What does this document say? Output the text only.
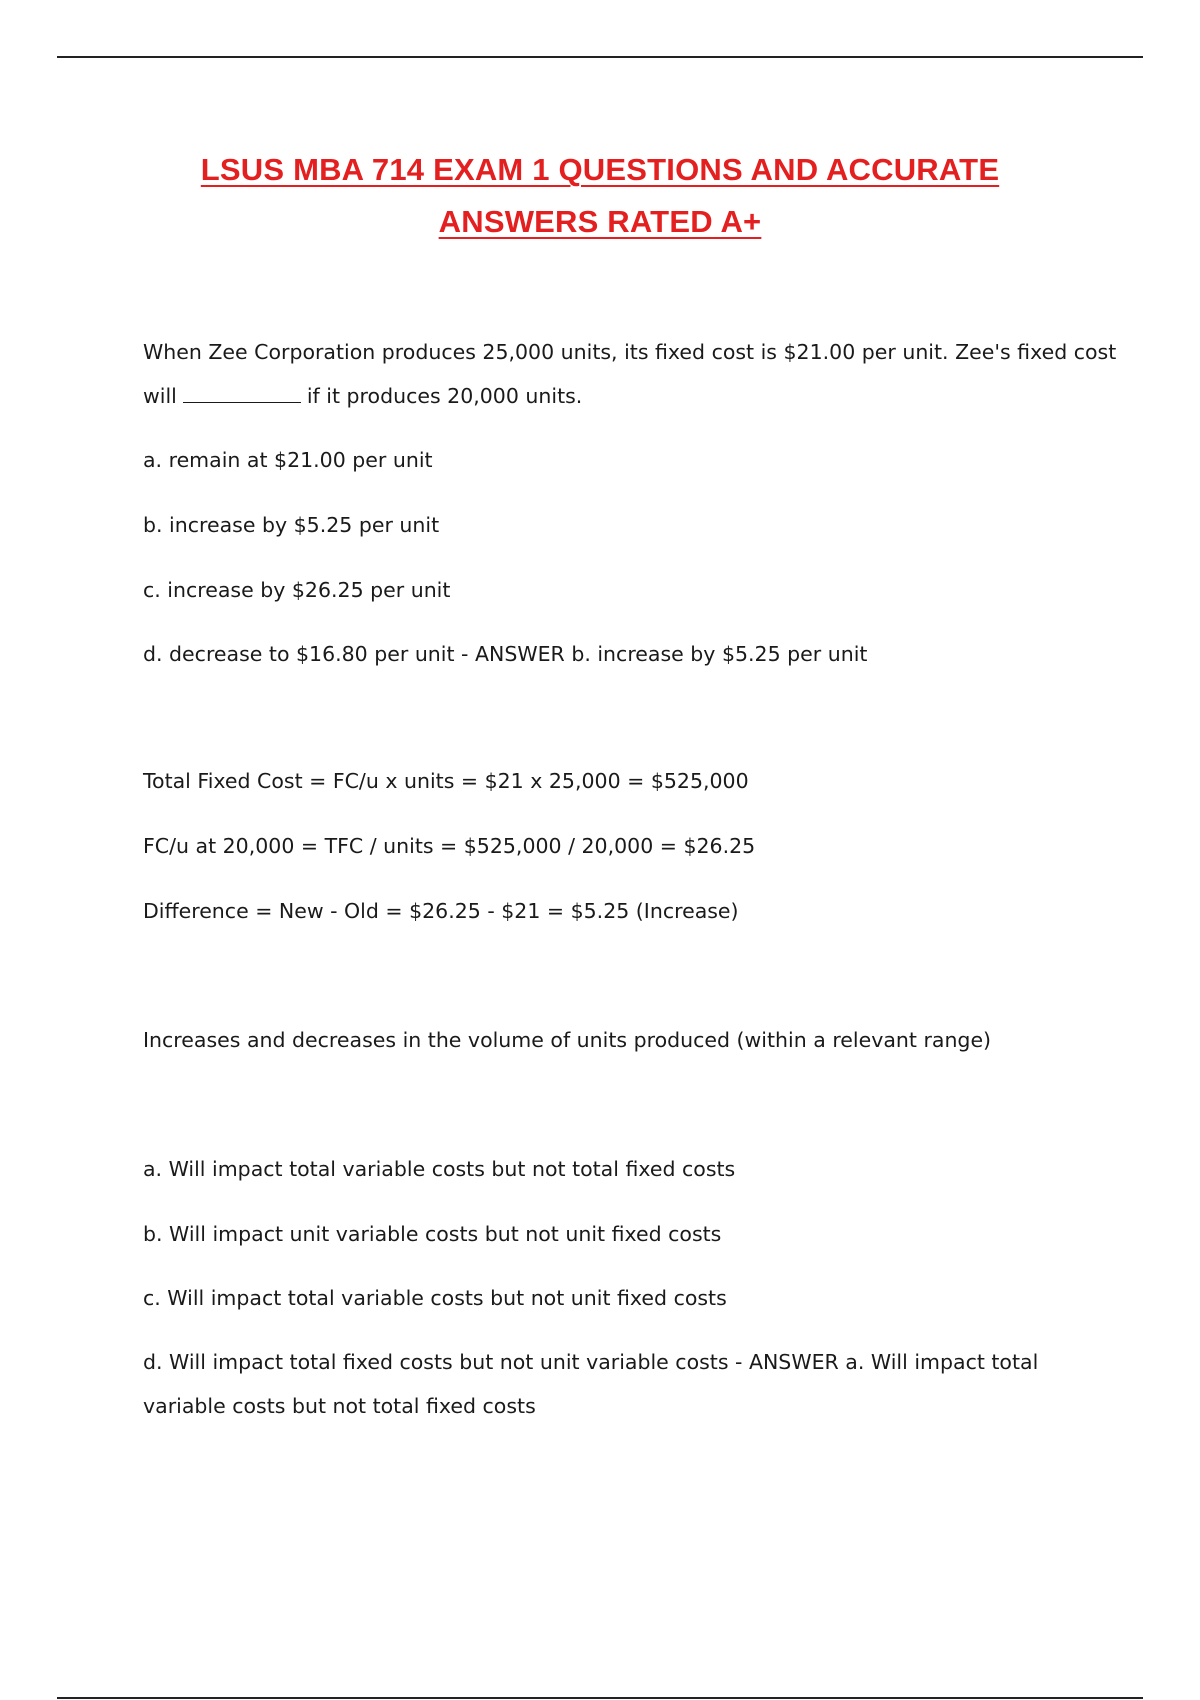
LSUS MBA 714 EXAM 1 QUESTIONS AND ACCURATE
ANSWERS RATED A+
When Zee Corporation produces 25,000 units, its fixed cost is $21.00 per unit. Zee's fixed cost
will	if it produces 20,000 units.
a. remain at $21.00 per unit
b. increase by $5.25 per unit
c. increase by $26.25 per unit
d. decrease to $16.80 per unit - ANSWER b. increase by $5.25 per unit
Total Fixed Cost = FC/u x units = $21 x 25,000 = $525,000
FC/u at 20,000 = TFC / units = $525,000 / 20,000 = $26.25
Difference = New - Old = $26.25 - $21 = $5.25 (Increase)
Increases and decreases in the volume of units produced (within a relevant range)
a. Will impact total variable costs but not total fixed costs
b. Will impact unit variable costs but not unit fixed costs
c. Will impact total variable costs but not unit fixed costs
d. Will impact total fixed costs but not unit variable costs - ANSWER a. Will impact total
variable costs but not total fixed costs
